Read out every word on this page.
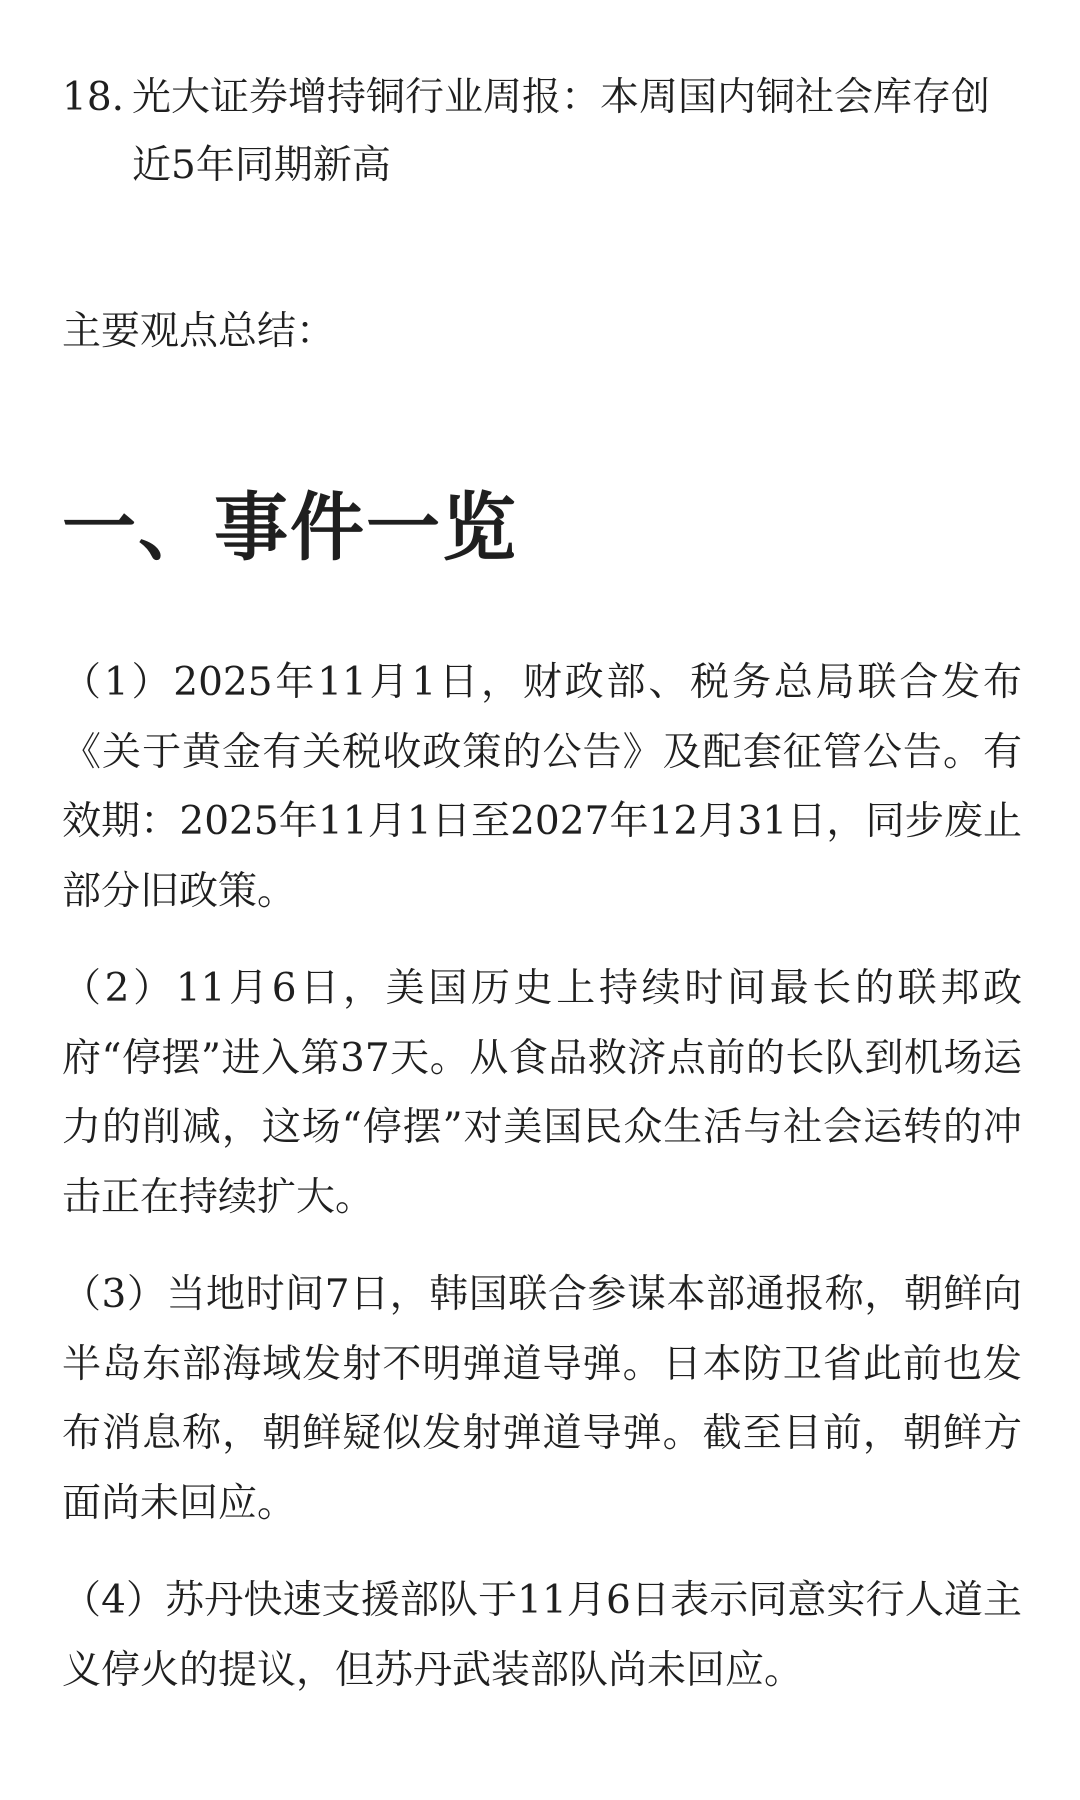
18. 光大证券增持铜行业周报：本周国内铜社会库存创近5年同期新高
主要观点总结：
一、事件一览

（1）2025年11月1日，财政部、税务总局联合发布《关于黄金有关税收政策的公告》及配套征管公告。有效期：2025年11月1日至2027年12月31日，同步废止部分旧政策。

（2）11月6日，美国历史上持续时间最长的联邦政府“停摆”进入第37天。从食品救济点前的长队到机场运力的削减，这场“停摆”对美国民众生活与社会运转的冲击正在持续扩大。

（3）当地时间7日，韩国联合参谋本部通报称，朝鲜向半岛东部海域发射不明弹道导弹。日本防卫省此前也发布消息称，朝鲜疑似发射弹道导弹。截至目前，朝鲜方面尚未回应。

（4）苏丹快速支援部队于11月6日表示同意实行人道主义停火的提议，但苏丹武装部队尚未回应。
